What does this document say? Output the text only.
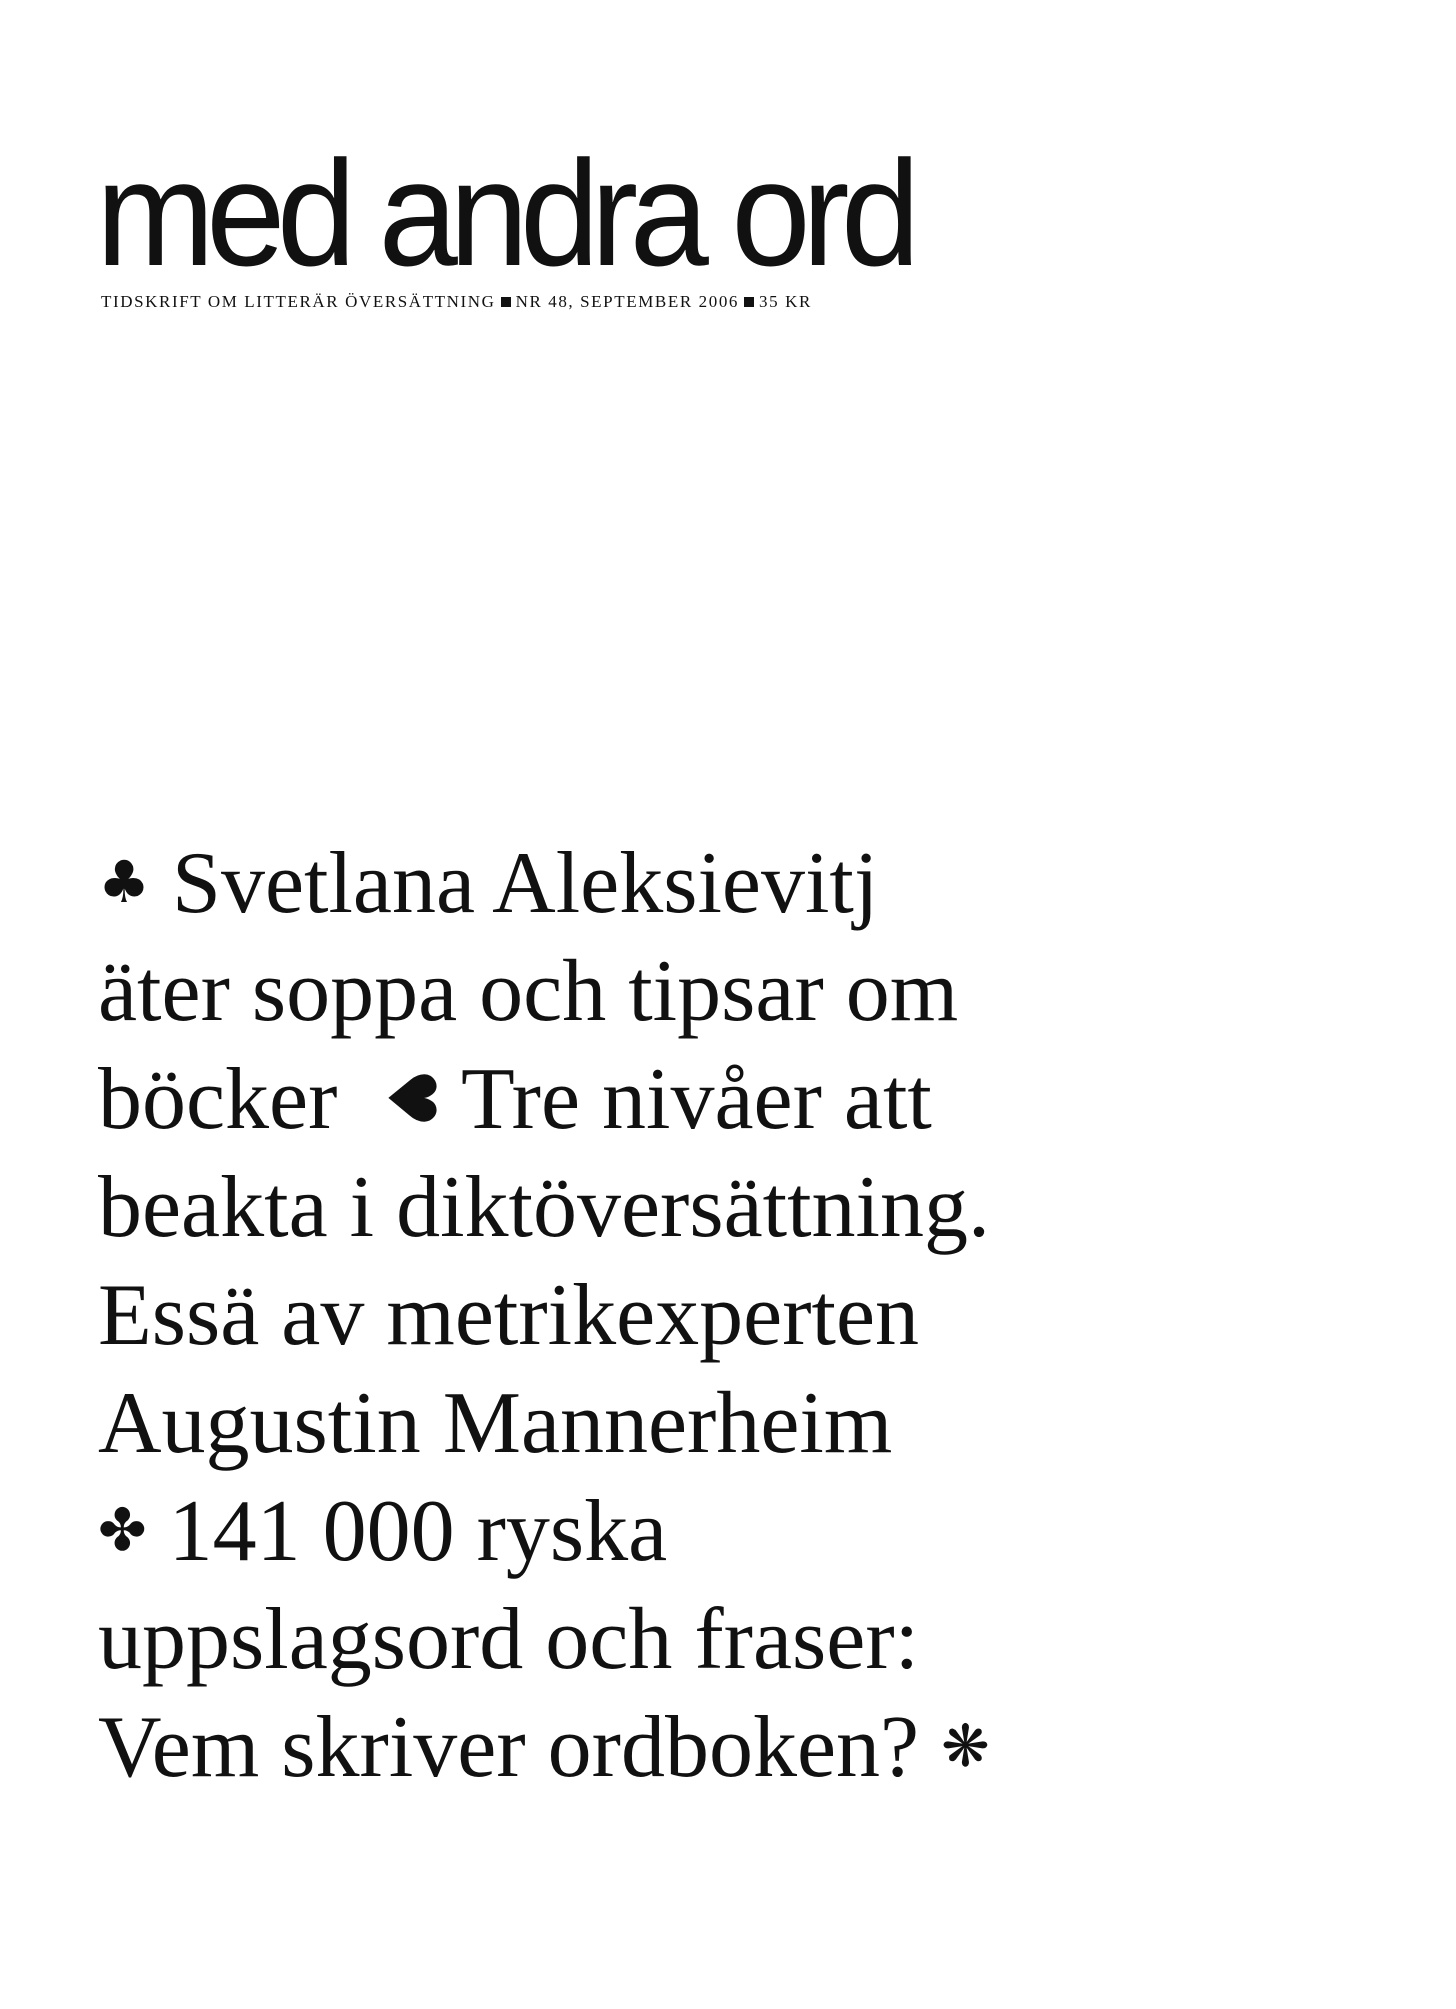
med andra ord
TIDSKRIFT OM LITTERÄR ÖVERSÄTTNING NR 48, SEPTEMBER 2006 35 KR
♣ Svetlana Aleksievitj
äter soppa och tipsar om
böcker ♥ Tre nivåer att
beakta i diktöversättning.
Essä av metrikexperten
Augustin Mannerheim
✤ 141 000 ryska
uppslagsord och fraser:
Vem skriver ordboken? ❋
